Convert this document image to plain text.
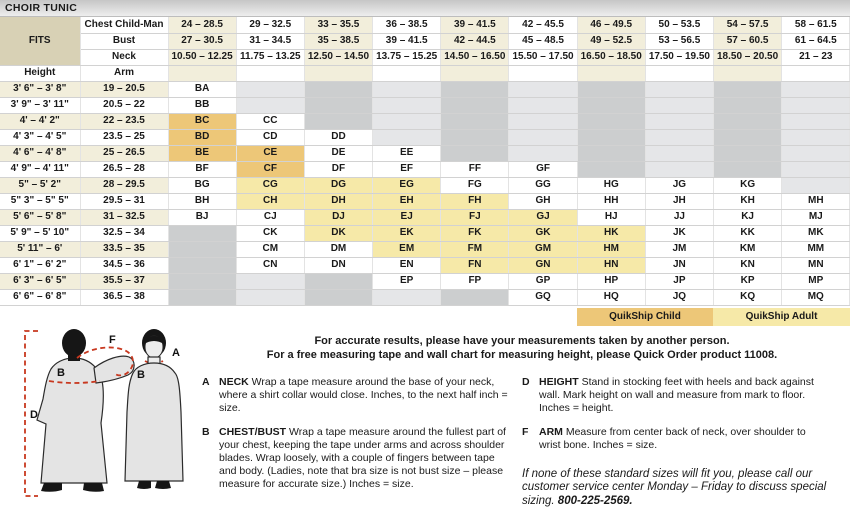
CHOIR TUNIC
FITS	Chest Child-Man	24 – 28.5	29 – 32.5	33 – 35.5	36 – 38.5	39 – 41.5	42 – 45.5	46 – 49.5	50 – 53.5	54 – 57.5	58 – 61.5
	Bust	27 – 30.5	31 – 34.5	35 – 38.5	39 – 41.5	42 – 44.5	45 – 48.5	49 – 52.5	53 – 56.5	57 – 60.5	61 – 64.5
	Neck	10.50 – 12.25	11.75 – 13.25	12.50 – 14.50	13.75 – 15.25	14.50 – 16.50	15.50 – 17.50	16.50 – 18.50	17.50 – 19.50	18.50 – 20.50	21 – 23
Height	Arm										
3' 6" – 3' 8"	19 – 20.5	BA									
3' 9" – 3' 11"	20.5 – 22	BB									
4' – 4' 2"	22 – 23.5	BC	CC								
4' 3" – 4' 5"	23.5 – 25	BD	CD	DD							
4' 6" – 4' 8"	25 – 26.5	BE	CE	DE	EE						
4' 9" – 4' 11"	26.5 – 28	BF	CF	DF	EF	FF	GF				
5" – 5' 2"	28 – 29.5	BG	CG	DG	EG	FG	GG	HG	JG	KG	
5" 3" – 5" 5"	29.5 – 31	BH	CH	DH	EH	FH	GH	HH	JH	KH	MH
5' 6" – 5' 8"	31 – 32.5	BJ	CJ	DJ	EJ	FJ	GJ	HJ	JJ	KJ	MJ
5' 9" – 5' 10"	32.5 – 34		CK	DK	EK	FK	GK	HK	JK	KK	MK
5' 11" – 6'	33.5 – 35		CM	DM	EM	FM	GM	HM	JM	KM	MM
6' 1" – 6' 2"	34.5 – 36		CN	DN	EN	FN	GN	HN	JN	KN	MN
6' 3" – 6' 5"	35.5 – 37				EP	FP	GP	HP	JP	KP	MP
6' 6" – 6' 8"	36.5 – 38						GQ	HQ	JQ	KQ	MQ
QuikShip Child	QuikShip Adult
D
B
F
A
B
For accurate results, please have your measurements taken by another person.
For a free measuring tape and wall chart for measuring height, please Quick Order product 11008.
A NECK Wrap a tape measure around the base of your neck, where a shirt collar would close. Inches, to the next half inch = size.
B CHEST/BUST Wrap a tape measure around the fullest part of your chest, keeping the tape under arms and across shoulder blades. Wrap loosely, with a couple of fingers between tape and body. (Ladies, note that bra size is not bust size – please measure for accurate size.) Inches = size.
D HEIGHT Stand in stocking feet with heels and back against wall. Mark height on wall and measure from mark to floor. Inches = height.
F	ARM Measure from center back of neck, over shoulder to wrist bone. Inches = size.
If none of these standard sizes will fit you, please call our customer service center Monday – Friday to discuss special sizing. 800-225-2569.
